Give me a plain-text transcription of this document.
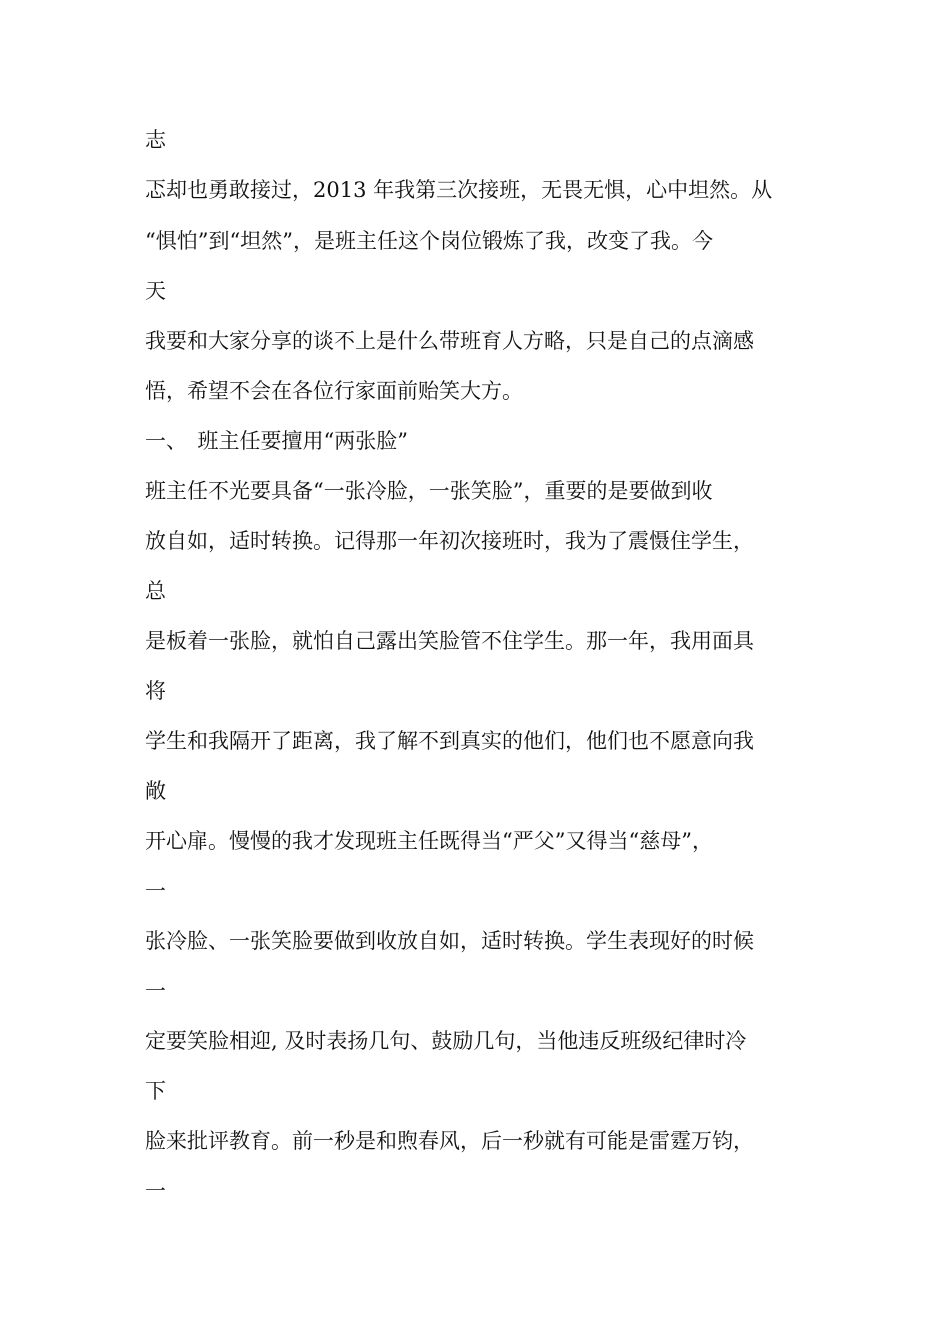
志

忑却也勇敢接过，2013 年我第三次接班，无畏无惧，心中坦然。从

“惧怕”到“坦然”，是班主任这个岗位锻炼了我，改变了我。今

天

我要和大家分享的谈不上是什么带班育人方略，只是自己的点滴感

悟，希望不会在各位行家面前贻笑大方。

一、　班主任要擅用“两张脸”

班主任不光要具备“一张冷脸，一张笑脸”，重要的是要做到收

放自如，适时转换。记得那一年初次接班时，我为了震慑住学生，

总

是板着一张脸，就怕自己露出笑脸管不住学生。那一年，我用面具

将

学生和我隔开了距离，我了解不到真实的他们，他们也不愿意向我

敞

开心扉。慢慢的我才发现班主任既得当“严父”又得当“慈母”，

一

张冷脸、一张笑脸要做到收放自如，适时转换。学生表现好的时候

一

定要笑脸相迎, 及时表扬几句、鼓励几句，当他违反班级纪律时冷

下

脸来批评教育。前一秒是和煦春风，后一秒就有可能是雷霆万钧，

一
